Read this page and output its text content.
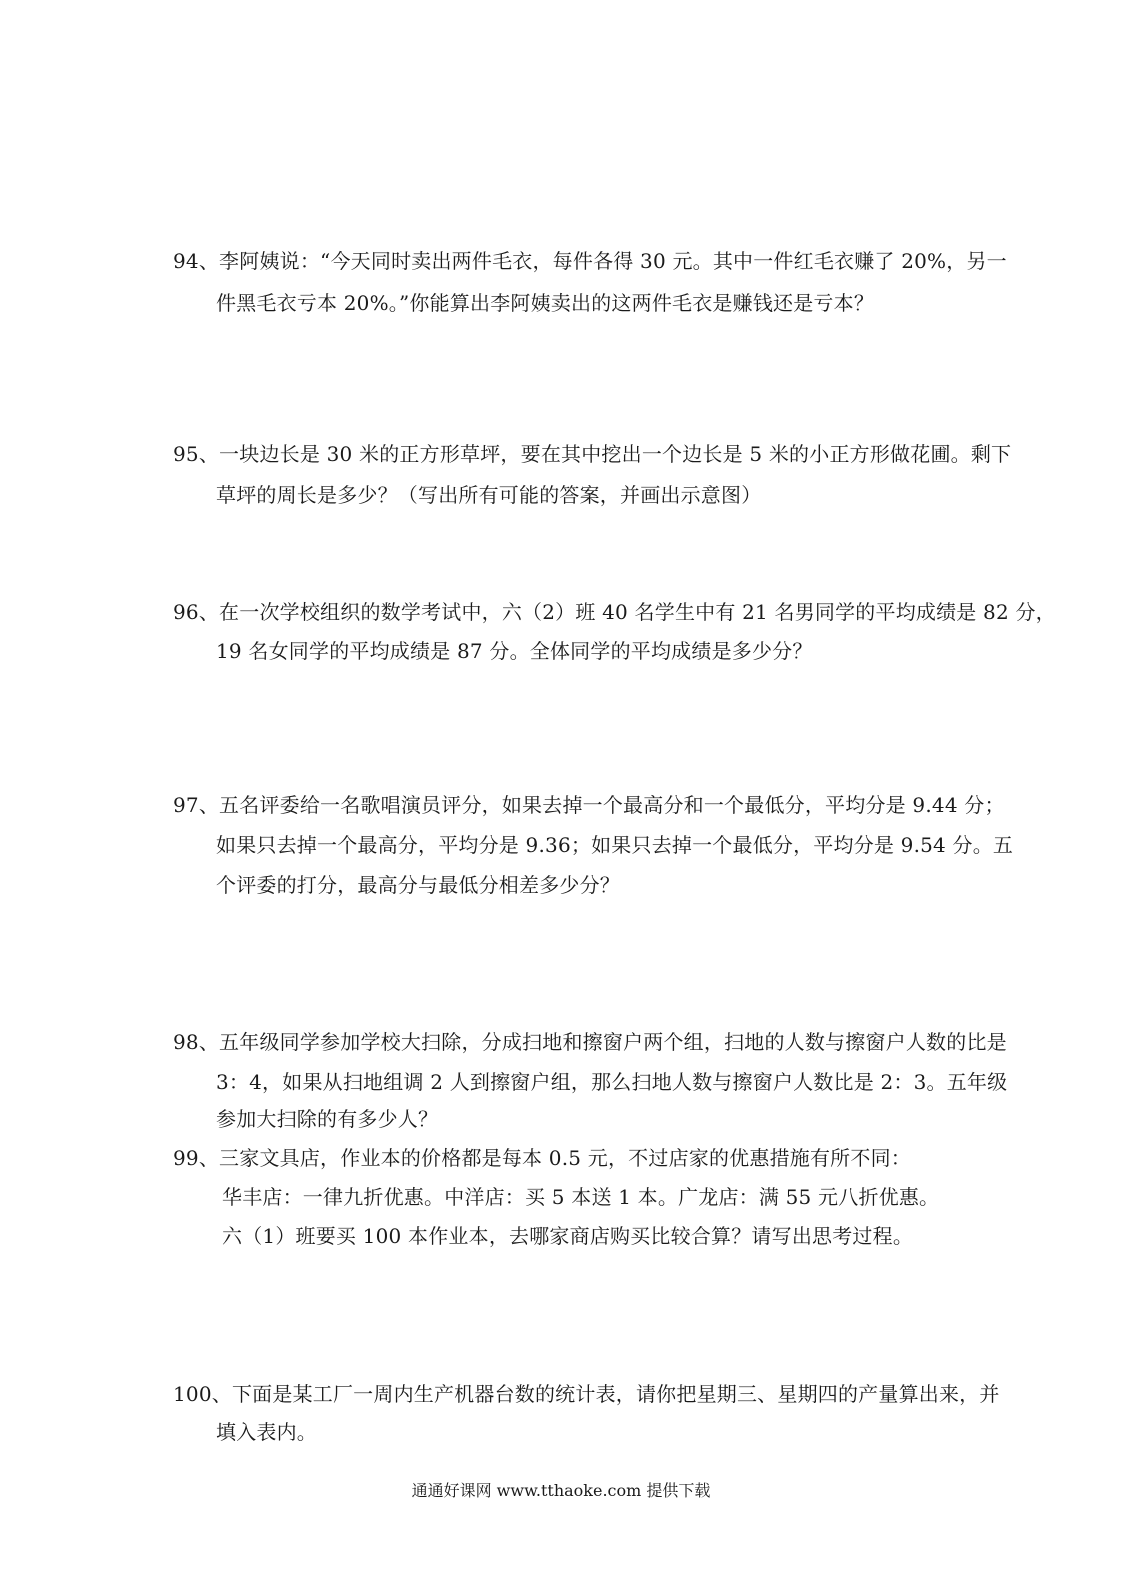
94、李阿姨说：“今天同时卖出两件毛衣，每件各得 30 元。其中一件红毛衣赚了 20%，另一
件黑毛衣亏本 20%。”你能算出李阿姨卖出的这两件毛衣是赚钱还是亏本？
95、一块边长是 30 米的正方形草坪，要在其中挖出一个边长是 5 米的小正方形做花圃。剩下
草坪的周长是多少？（写出所有可能的答案，并画出示意图）
96、在一次学校组织的数学考试中，六（2）班 40 名学生中有 21 名男同学的平均成绩是 82 分，
19 名女同学的平均成绩是 87 分。全体同学的平均成绩是多少分？
97、五名评委给一名歌唱演员评分，如果去掉一个最高分和一个最低分，平均分是 9.44 分；
如果只去掉一个最高分，平均分是 9.36；如果只去掉一个最低分，平均分是 9.54 分。五
个评委的打分，最高分与最低分相差多少分？
98、五年级同学参加学校大扫除，分成扫地和擦窗户两个组，扫地的人数与擦窗户人数的比是
3：4，如果从扫地组调 2 人到擦窗户组，那么扫地人数与擦窗户人数比是 2：3。五年级
参加大扫除的有多少人？
99、三家文具店，作业本的价格都是每本 0.5 元，不过店家的优惠措施有所不同：
华丰店：一律九折优惠。中洋店：买 5 本送 1 本。广龙店：满 55 元八折优惠。
六（1）班要买 100 本作业本，去哪家商店购买比较合算？请写出思考过程。
100、下面是某工厂一周内生产机器台数的统计表，请你把星期三、星期四的产量算出来，并
填入表内。
通通好课网 www.tthaoke.com 提供下载
